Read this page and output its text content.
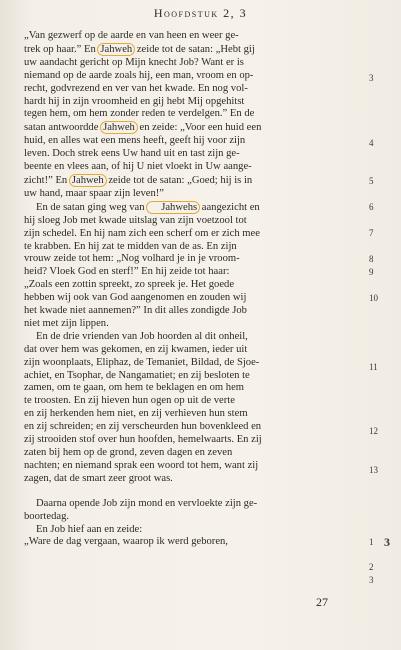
Hoofdstuk 2, 3

„Van gezwerf op de aarde en van heen en weer ge-

trek op haar.” En Jahweh zeide tot de satan: „Hebt gij

uw aandacht gericht op Mijn knecht Job? Want er is

niemand op de aarde zoals hij, een man, vroom en op-

recht, godvrezend en ver van het kwade. En nog vol-

hardt hij in zijn vroomheid en gij hebt Mij opgehitst

tegen hem, om hem zonder reden te verdelgen.” En de

satan antwoordde Jahweh en zeide: „Voor een huid een

huid, en alles wat een mens heeft, geeft hij voor zijn

leven. Doch strek eens Uw hand uit en tast zijn ge-

beente en vlees aan, of hij U niet vloekt in Uw aange-

zicht!” En Jahweh zeide tot de satan: „Goed; hij is in

uw hand, maar spaar zijn leven!”

En de satan ging weg van Jahwehs aangezicht en

hij sloeg Job met kwade uitslag van zijn voetzool tot

zijn schedel. En hij nam zich een scherf om er zich mee

te krabben. En hij zat te midden van de as. En zijn

vrouw zeide tot hem: „Nog volhard je in je vroom-

heid? Vloek God en sterf!” En hij zeide tot haar:

„Zoals een zottin spreekt, zo spreek je. Het goede

hebben wij ook van God aangenomen en zouden wij

het kwade niet aannemen?” In dit alles zondigde Job

niet met zijn lippen.

En de drie vrienden van Job hoorden al dit onheil,

dat over hem was gekomen, en zij kwamen, ieder uit

zijn woonplaats, Eliphaz, de Temaniet, Bildad, de Sjoe-

achiet, en Tsophar, de Nangamatiet; en zij besloten te

zamen, om te gaan, om hem te beklagen en om hem

te troosten. En zij hieven hun ogen op uit de verte

en zij herkenden hem niet, en zij verhieven hun stem

en zij schreiden; en zij verscheurden hun bovenkleed en

zij strooiden stof over hun hoofden, hemelwaarts. En zij

zaten bij hem op de grond, zeven dagen en zeven

nachten; en niemand sprak een woord tot hem, want zij

zagen, dat de smart zeer groot was.

Daarna opende Job zijn mond en vervloekte zijn ge-

boortedag.

En Job hief aan en zeide:

„Ware de dag vergaan, waarop ik werd geboren,

3
4
5
6
7
8
9
10
11
12
13
1 3
2
3
27
